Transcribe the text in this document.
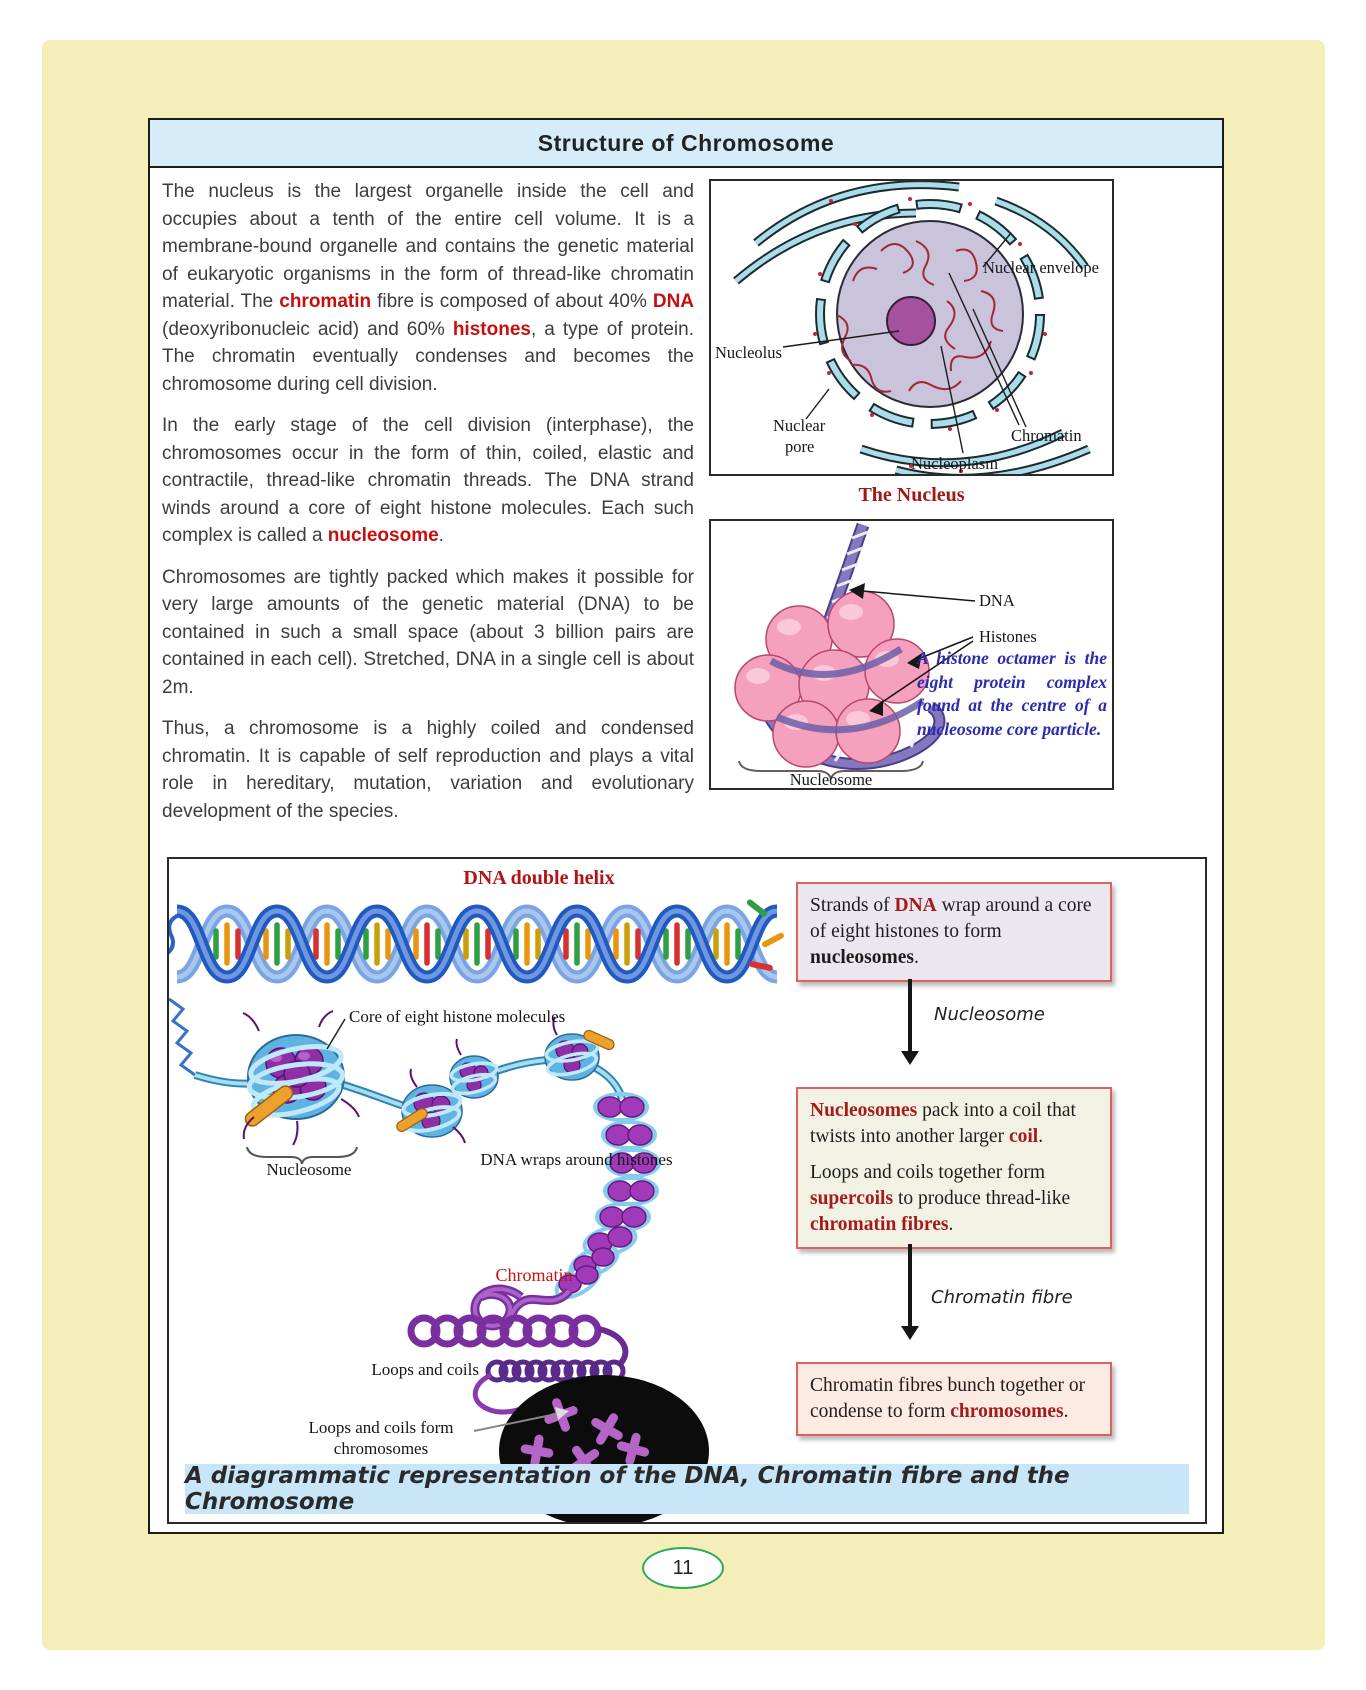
Structure of Chromosome

The nucleus is the largest organelle inside the cell and occupies about a tenth of the entire cell volume. It is a membrane-bound organelle and contains the genetic material of eukaryotic organisms in the form of thread-like chromatin material. The chromatin fibre is composed of about 40% DNA (deoxyribonucleic acid) and 60% histones, a type of protein. The chromatin eventually condenses and becomes the chromosome during cell division.

In the early stage of the cell division (interphase), the chromosomes occur in the form of thin, coiled, elastic and contractile, thread-like chromatin threads. The DNA strand winds around a core of eight histone molecules. Each such complex is called a nucleosome.

Chromosomes are tightly packed which makes it possible for very large amounts of the genetic material (DNA) to be contained in such a small space (about 3 billion pairs are contained in each cell). Stretched, DNA in a single cell is about 2m.

Thus, a chromosome is a highly coiled and condensed chromatin. It is capable of self reproduction and plays a vital role in hereditary, mutation, variation and evolutionary development of the species.

Nuclear envelope
Nucleolus
Nuclear
pore
Nucleoplasm
Chromatin
The Nucleus
DNA
Histones
Nucleosome
A histone octamer is the eight protein complex found at the centre of a nucleosome core particle.
DNA double helix
Core of eight histone molecules
Nucleosome
DNA wraps around histones
Chromatin
Loops and coils
Loops and coils form chromosomes

Strands of DNA wrap around a core of eight histones to form nucleosomes.

Nucleosome

Nucleosomes pack into a coil that twists into another larger coil.

Loops and coils together form supercoils to produce thread-like chromatin fibres.

Chromatin fibre

Chromatin fibres bunch together or condense to form chromosomes.

A diagrammatic representation of the DNA, Chromatin fibre and the Chromosome
11
